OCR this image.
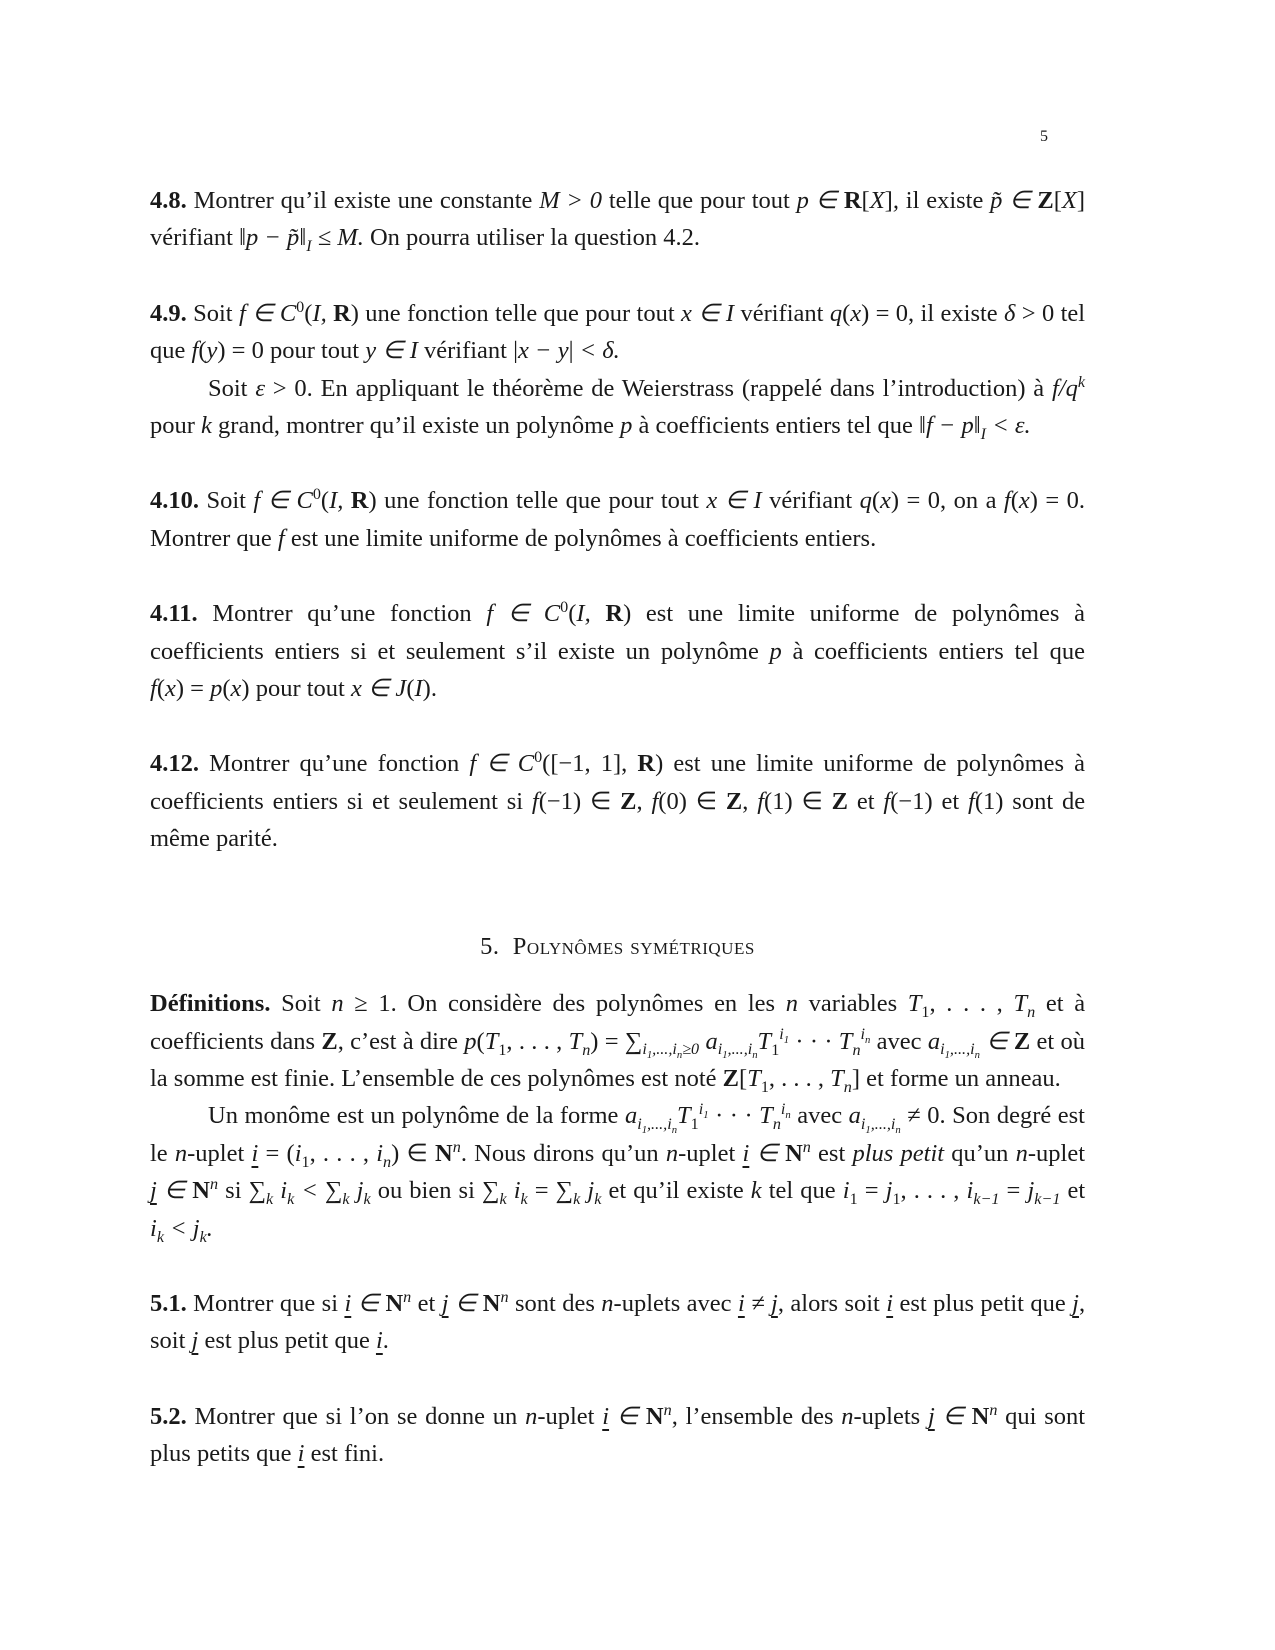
5

4.8. Montrer qu’il existe une constante M > 0 telle que pour tout p ∈ R[X], il existe p̃ ∈ Z[X] vérifiant ‖p − $p̃‖_I \le M$. On pourra utiliser la question 4.2.

4.9. Soit f ∈ $C^0(I$, R) une fonction telle que pour tout x ∈ I vérifiant q(x) = 0, il existe δ > 0 tel que f(y) = 0 pour tout y ∈ I vérifiant |x − y| < δ.

Soit ε > 0. En appliquant le théorème de Weierstrass (rappelé dans l’introduction) à $f/q^k$ pour k grand, montrer qu’il existe un polynôme p à coefficients entiers tel que ‖f − $p‖_I < \varepsilon$.

4.10. Soit f ∈ $C^0(I$, R) une fonction telle que pour tout x ∈ I vérifiant q(x) = 0, on a f(x) = 0. Montrer que f est une limite uniforme de polynômes à coefficients entiers.

4.11. Montrer qu’une fonction f ∈ $C^0(I$, R) est une limite uniforme de polynômes à coefficients entiers si et seulement s’il existe un polynôme p à coefficients entiers tel que f(x) = p(x) pour tout x ∈ J(I).

4.12. Montrer qu’une fonction f ∈ $C^0([-1$, 1], R) est une limite uniforme de polynômes à coefficients entiers si et seulement si f(−1) ∈ Z, f(0) ∈ Z, f(1) ∈ Z et f(−1) et f(1) sont de même parité.

5. Polynômes symétriques

Définitions. Soit n ≥ 1. On considère des polynômes en les n variables $T_1$, . . . , $T_n$ et à coefficients dans Z, c’est à dire $p(T_1$, . . . , $T_n) = \sum_{i_1,...,i_n\ge 0}$ $a_{i_1,...,i_n}T_1^{i_1}$ · · · $T_n^{i_n}$ avec $a_{i_1,...,i_n}$ ∈ Z et où la somme est finie. L’ensemble de ces polynômes est noté $Z[T_1$, . . . , $T_n$] et forme un anneau.

Un monôme est un polynôme de la forme $a_{i_1,...,i_n}T_1^{i_1}$ · · · $T_n^{i_n}$ avec $a_{i_1,...,i_n} \ne 0$. Son degré est le n-uplet $i = (i_1$, . . . , $i_n$) ∈ $N^n$. Nous dirons qu’un n-uplet i ∈ $N^n$ est plus petit qu’un n-uplet j ∈ $N^n$ si $\sum_k$ $i_k < \sum_k$ $j_k$ ou bien si $\sum_k$ $i_k = \sum_k$ $j_k$ et qu’il existe k tel que $i_1 = j_1$, . . . , $i_{k-1} = j_{k-1}$ et $i_k < j_k$.

5.1. Montrer que si i ∈ $N^n$ et j ∈ $N^n$ sont des n-uplets avec i ≠ j, alors soit i est plus petit que j, soit j est plus petit que i.

5.2. Montrer que si l’on se donne un n-uplet i ∈ $N^n$, l’ensemble des n-uplets j ∈ $N^n$ qui sont plus petits que i est fini.
